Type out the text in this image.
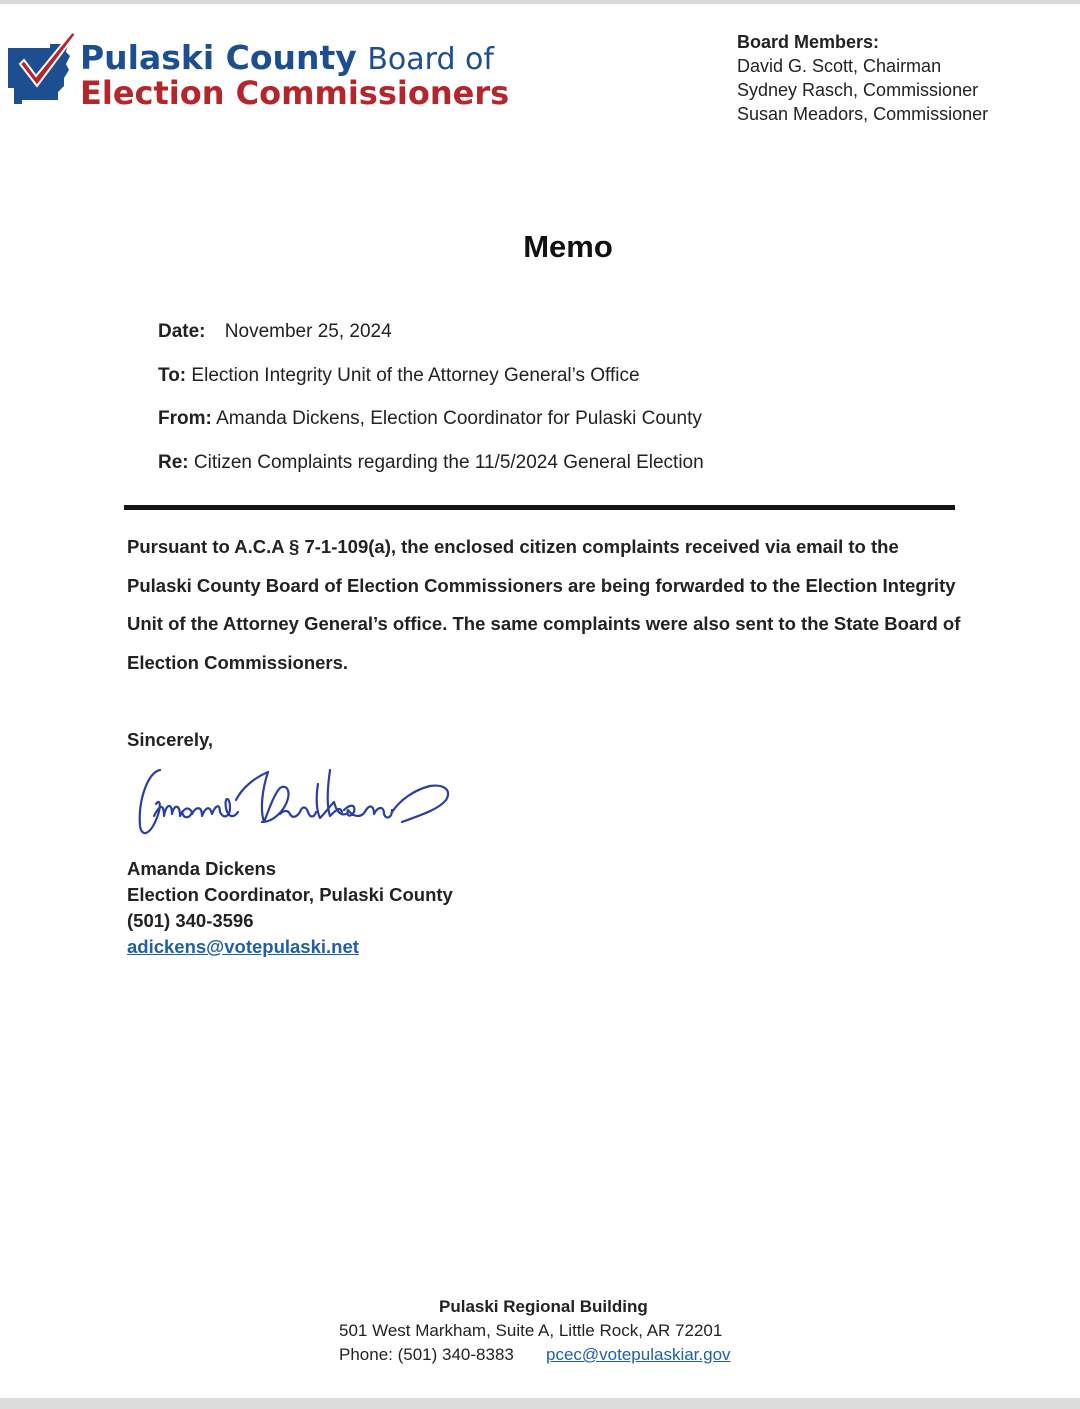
Pulaski County Board of
Election Commissioners
Board Members:
David G. Scott, Chairman
Sydney Rasch, Commissioner
Susan Meadors, Commissioner
Memo
Date: November 25, 2024
To: Election Integrity Unit of the Attorney General’s Office
From: Amanda Dickens, Election Coordinator for Pulaski County
Re: Citizen Complaints regarding the 11/5/2024 General Election
Pursuant to A.C.A § 7-1-109(a), the enclosed citizen complaints received via email to the Pulaski County Board of Election Commissioners are being forwarded to the Election Integrity Unit of the Attorney General’s office. The same complaints were also sent to the State Board of Election Commissioners.
Sincerely,
Amanda Dickens
Election Coordinator, Pulaski County
(501) 340-3596
adickens@votepulaski.net
Pulaski Regional Building
501 West Markham, Suite A, Little Rock, AR 72201
Phone: (501) 340-8383 pcec@votepulaskiar.gov
